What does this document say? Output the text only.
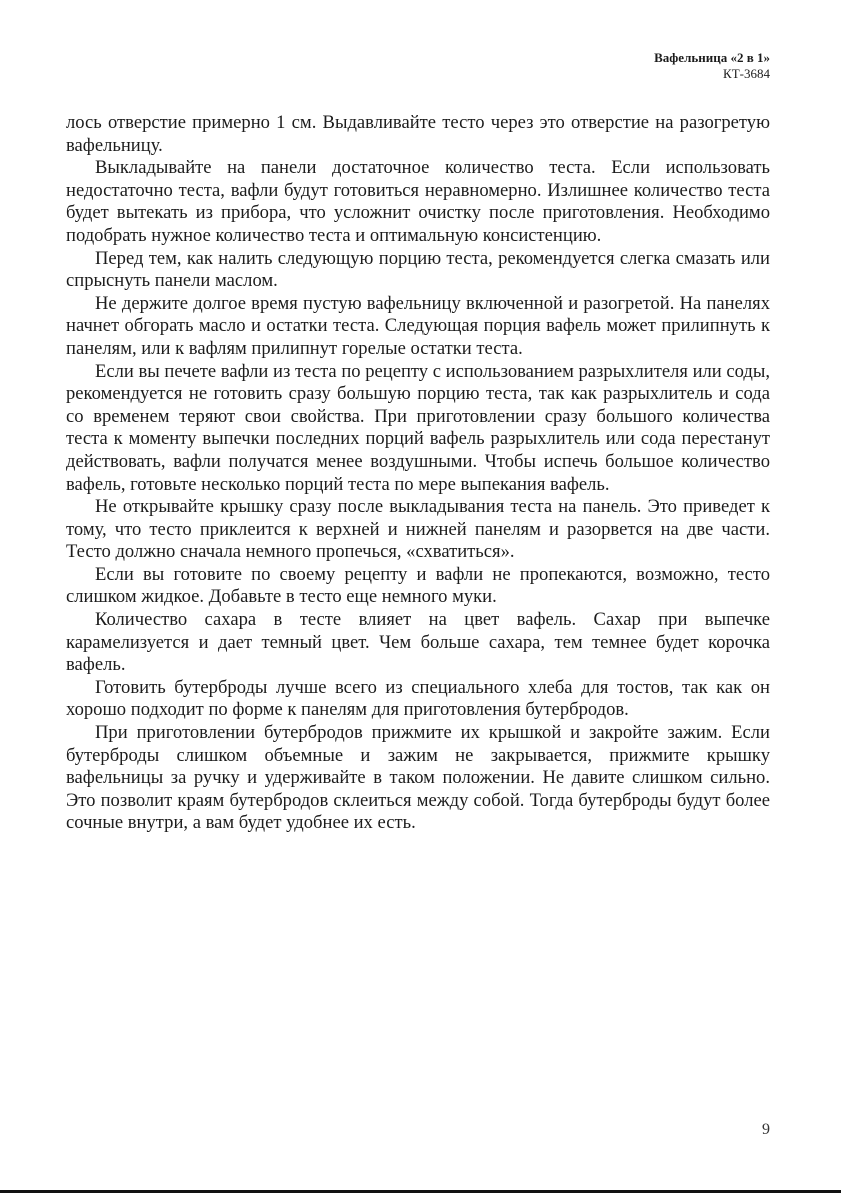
Вафельница «2 в 1»
КТ-3684

лось отверстие примерно 1 см. Выдавливайте тесто через это отверстие на разогретую вафельницу.

Выкладывайте на панели достаточное количество теста. Если использовать недостаточно теста, вафли будут готовиться неравномерно. Излишнее количество теста будет вытекать из прибора, что усложнит очистку после приготовления. Необходимо подобрать нужное количество теста и оптимальную консистенцию.

Перед тем, как налить следующую порцию теста, рекомендуется слегка смазать или спрыснуть панели маслом.

Не держите долгое время пустую вафельницу включенной и разогретой. На панелях начнет обгорать масло и остатки теста. Следующая порция вафель может прилипнуть к панелям, или к вафлям прилипнут горелые остатки теста.

Если вы печете вафли из теста по рецепту с использованием разрыхлителя или соды, рекомендуется не готовить сразу большую порцию теста, так как разрыхлитель и сода со временем теряют свои свойства. При приготовлении сразу большого количества теста к моменту выпечки последних порций вафель разрыхлитель или сода перестанут действовать, вафли получатся менее воздушными. Чтобы испечь большое количество вафель, готовьте несколько порций теста по мере выпекания вафель.

Не открывайте крышку сразу после выкладывания теста на панель. Это приведет к тому, что тесто приклеится к верхней и нижней панелям и разорвется на две части. Тесто должно сначала немного пропечься, «схватиться».

Если вы готовите по своему рецепту и вафли не пропекаются, возможно, тесто слишком жидкое. Добавьте в тесто еще немного муки.

Количество сахара в тесте влияет на цвет вафель. Сахар при выпечке карамелизуется и дает темный цвет. Чем больше сахара, тем темнее будет корочка вафель.

Готовить бутерброды лучше всего из специального хлеба для тостов, так как он хорошо подходит по форме к панелям для приготовления бутербродов.

При приготовлении бутербродов прижмите их крышкой и закройте зажим. Если бутерброды слишком объемные и зажим не закрывается, прижмите крышку вафельницы за ручку и удерживайте в таком положении. Не давите слишком сильно. Это позволит краям бутербродов склеиться между собой. Тогда бутерброды будут более сочные внутри, а вам будет удобнее их есть.

9
